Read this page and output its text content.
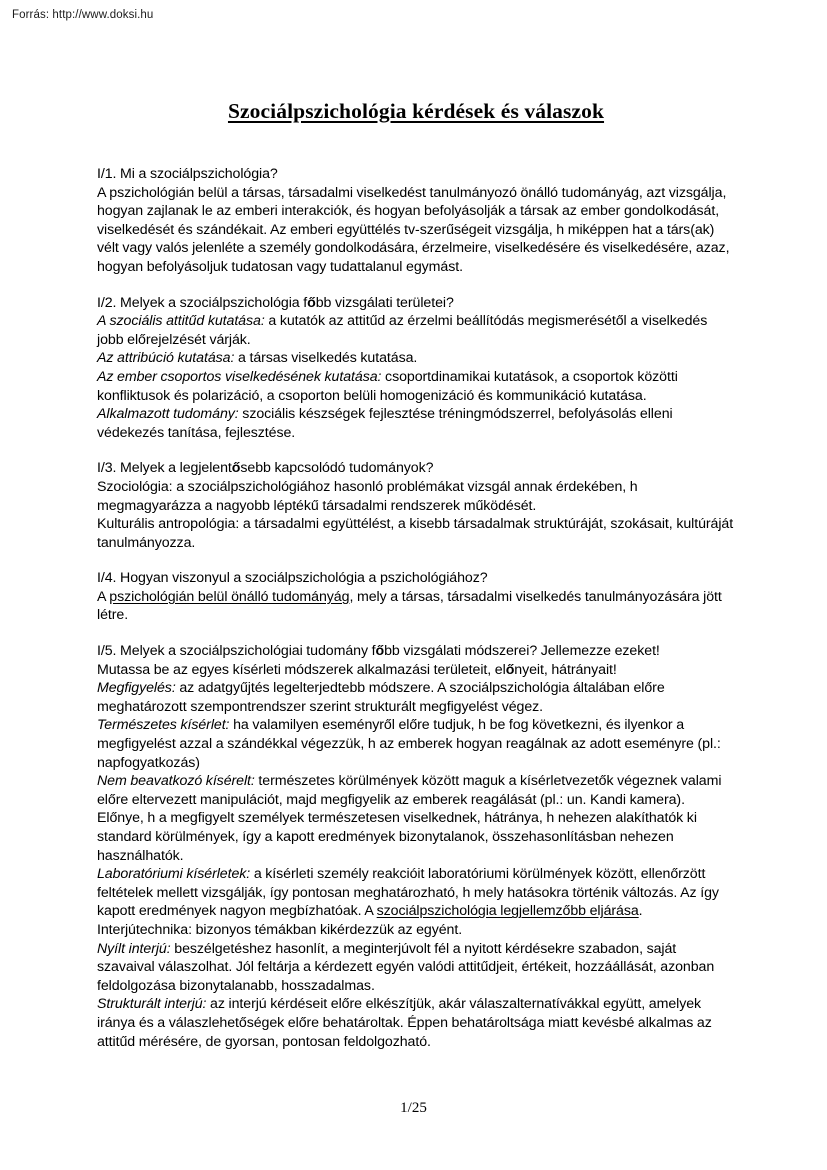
Forrás: http://www.doksi.hu
Szociálpszichológia kérdések és válaszok
I/1. Mi a szociálpszichológia?
A pszichológián belül a társas, társadalmi viselkedést tanulmányozó önálló tudományág, azt vizsgálja, hogyan zajlanak le az emberi interakciók, és hogyan befolyásolják a társak az ember gondolkodását, viselkedését és szándékait. Az emberi együttélés tv-szerűségeit vizsgálja, h miképpen hat a társ(ak) vélt vagy valós jelenléte a személy gondolkodására, érzelmeire, viselkedésére és viselkedésére, azaz, hogyan befolyásoljuk tudatosan vagy tudattalanul egymást.
I/2. Melyek a szociálpszichológia főbb vizsgálati területei?
A szociális attitűd kutatása: a kutatók az attitűd az érzelmi beállítódás megismerésétől a viselkedés jobb előrejelzését várják.
Az attribúció kutatása: a társas viselkedés kutatása.
Az ember csoportos viselkedésének kutatása: csoportdinamikai kutatások, a csoportok közötti konfliktusok és polarizáció, a csoporton belüli homogenizáció és kommunikáció kutatása.
Alkalmazott tudomány: szociális készségek fejlesztése tréningmódszerrel, befolyásolás elleni védekezés tanítása, fejlesztése.
I/3. Melyek a legjelentősebb kapcsolódó tudományok?
Szociológia: a szociálpszichológiához hasonló problémákat vizsgál annak érdekében, h megmagyarázza a nagyobb léptékű társadalmi rendszerek működését.
Kulturális antropológia: a társadalmi együttélést, a kisebb társadalmak struktúráját, szokásait, kultúráját tanulmányozza.
I/4. Hogyan viszonyul a szociálpszichológia a pszichológiához?
A pszichológián belül önálló tudományág, mely a társas, társadalmi viselkedés tanulmányozására jött létre.
I/5. Melyek a szociálpszichológiai tudomány főbb vizsgálati módszerei? Jellemezze ezeket!
Mutassa be az egyes kísérleti módszerek alkalmazási területeit, előnyeit, hátrányait!
Megfigyelés: az adatgyűjtés legelterjedtebb módszere. A szociálpszichológia általában előre meghatározott szempontrendszer szerint strukturált megfigyelést végez.
Természetes kísérlet: ha valamilyen eseményről előre tudjuk, h be fog következni, és ilyenkor a megfigyelést azzal a szándékkal végezzük, h az emberek hogyan reagálnak az adott eseményre (pl.: napfogyatkozás)
Nem beavatkozó kísérelt: természetes körülmények között maguk a kísérletvezetők végeznek valami előre eltervezett manipulációt, majd megfigyelik az emberek reagálását (pl.: un. Kandi kamera). Előnye, h a megfigyelt személyek természetesen viselkednek, hátránya, h nehezen alakíthatók ki standard körülmények, így a kapott eredmények bizonytalanok, összehasonlításban nehezen használhatók.
Laboratóriumi kísérletek: a kísérleti személy reakcióit laboratóriumi körülmények között, ellenőrzött feltételek mellett vizsgálják, így pontosan meghatározható, h mely hatásokra történik változás. Az így kapott eredmények nagyon megbízhatóak. A szociálpszichológia legjellemzőbb eljárása.
Interjútechnika: bizonyos témákban kikérdezzük az egyént.
Nyílt interjú: beszélgetéshez hasonlít, a meginterjúvolt fél a nyitott kérdésekre szabadon, saját szavaival válaszolhat. Jól feltárja a kérdezett egyén valódi attitűdjeit, értékeit, hozzáállását, azonban feldolgozása bizonytalanabb, hosszadalmas.
Strukturált interjú: az interjú kérdéseit előre elkészítjük, akár válaszalternatívákkal együtt, amelyek iránya és a válaszlehetőségek előre behatároltak. Éppen behatároltsága miatt kevésbé alkalmas az attitűd mérésére, de gyorsan, pontosan feldolgozható.
1/25
